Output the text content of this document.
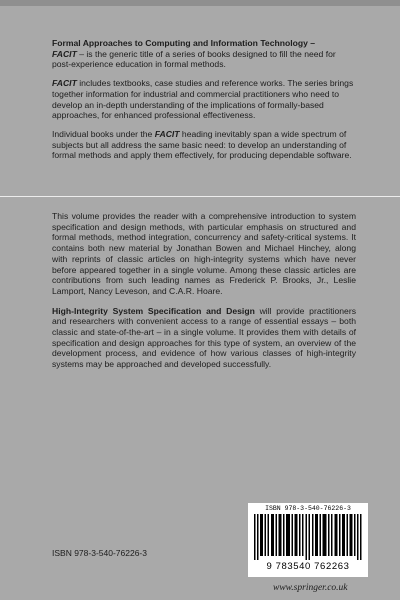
Formal Approaches to Computing and Information Technology –
FACIT – is the generic title of a series of books designed to fill the need for post-experience education in formal methods.

FACIT includes textbooks, case studies and reference works. The series brings together information for industrial and commercial practitioners who need to develop an in-depth understanding of the implications of formally-based approaches, for enhanced professional effectiveness.

Individual books under the FACIT heading inevitably span a wide spectrum of subjects but all address the same basic need: to develop an understanding of formal methods and apply them effectively, for producing dependable software.

This volume provides the reader with a comprehensive introduction to system specification and design methods, with particular emphasis on structured and formal methods, method integration, concurrency and safety-critical systems. It contains both new material by Jonathan Bowen and Michael Hinchey, along with reprints of classic articles on high-integrity systems which have never before appeared together in a single volume. Among these classic articles are contributions from such leading names as Frederick P. Brooks, Jr., Leslie Lamport, Nancy Leveson, and C.A.R. Hoare.

High-Integrity System Specification and Design will provide practitioners and researchers with convenient access to a range of essential essays – both classic and state-of-the-art – in a single volume. It provides them with details of specification and design approaches for this type of system, an overview of the development process, and evidence of how various classes of high-integrity systems may be approached and developed successfully.

ISBN 978-3-540-76226-3
9 783540 762263
ISBN 978-3-540-76226-3
www.springer.co.uk
